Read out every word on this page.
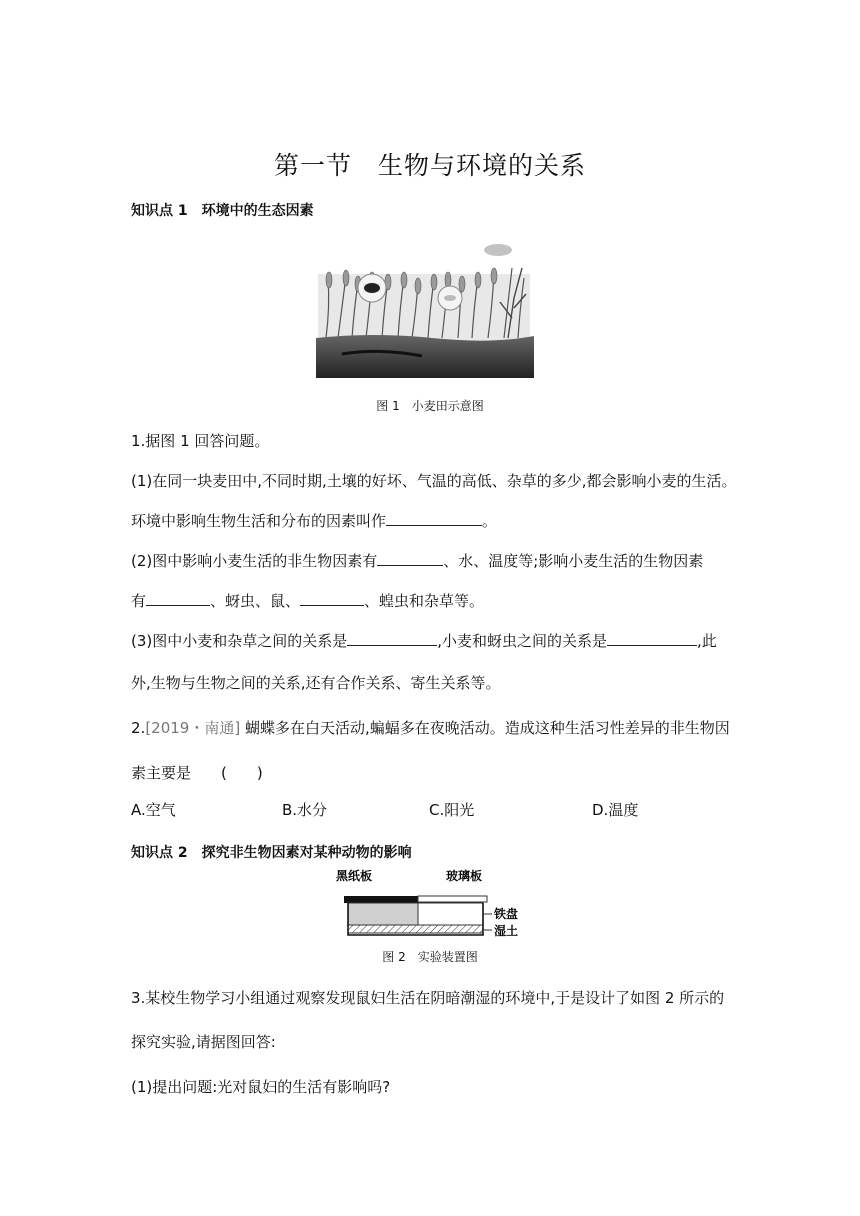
第一节　生物与环境的关系
知识点 1　环境中的生态因素
图 1　小麦田示意图
1.据图 1 回答问题。
(1)在同一块麦田中,不同时期,土壤的好坏、气温的高低、杂草的多少,都会影响小麦的生活。
环境中影响生物生活和分布的因素叫作	。
(2)图中影响小麦生活的非生物因素有	、水、温度等;影响小麦生活的生物因素
有	、蚜虫、鼠、	、蝗虫和杂草等。
(3)图中小麦和杂草之间的关系是	,小麦和蚜虫之间的关系是	,此
外,生物与生物之间的关系,还有合作关系、寄生关系等。
2.[2019・南通] 蝴蝶多在白天活动,蝙蝠多在夜晚活动。造成这种生活习性差异的非生物因
素主要是　　(　　)
A.空气	B.水分	C.阳光	D.温度
知识点 2　探究非生物因素对某种动物的影响
黑纸板	玻璃板
铁盘
湿土
图 2　实验装置图
3.某校生物学习小组通过观察发现鼠妇生活在阴暗潮湿的环境中,于是设计了如图 2 所示的
探究实验,请据图回答:
(1)提出问题:光对鼠妇的生活有影响吗?
